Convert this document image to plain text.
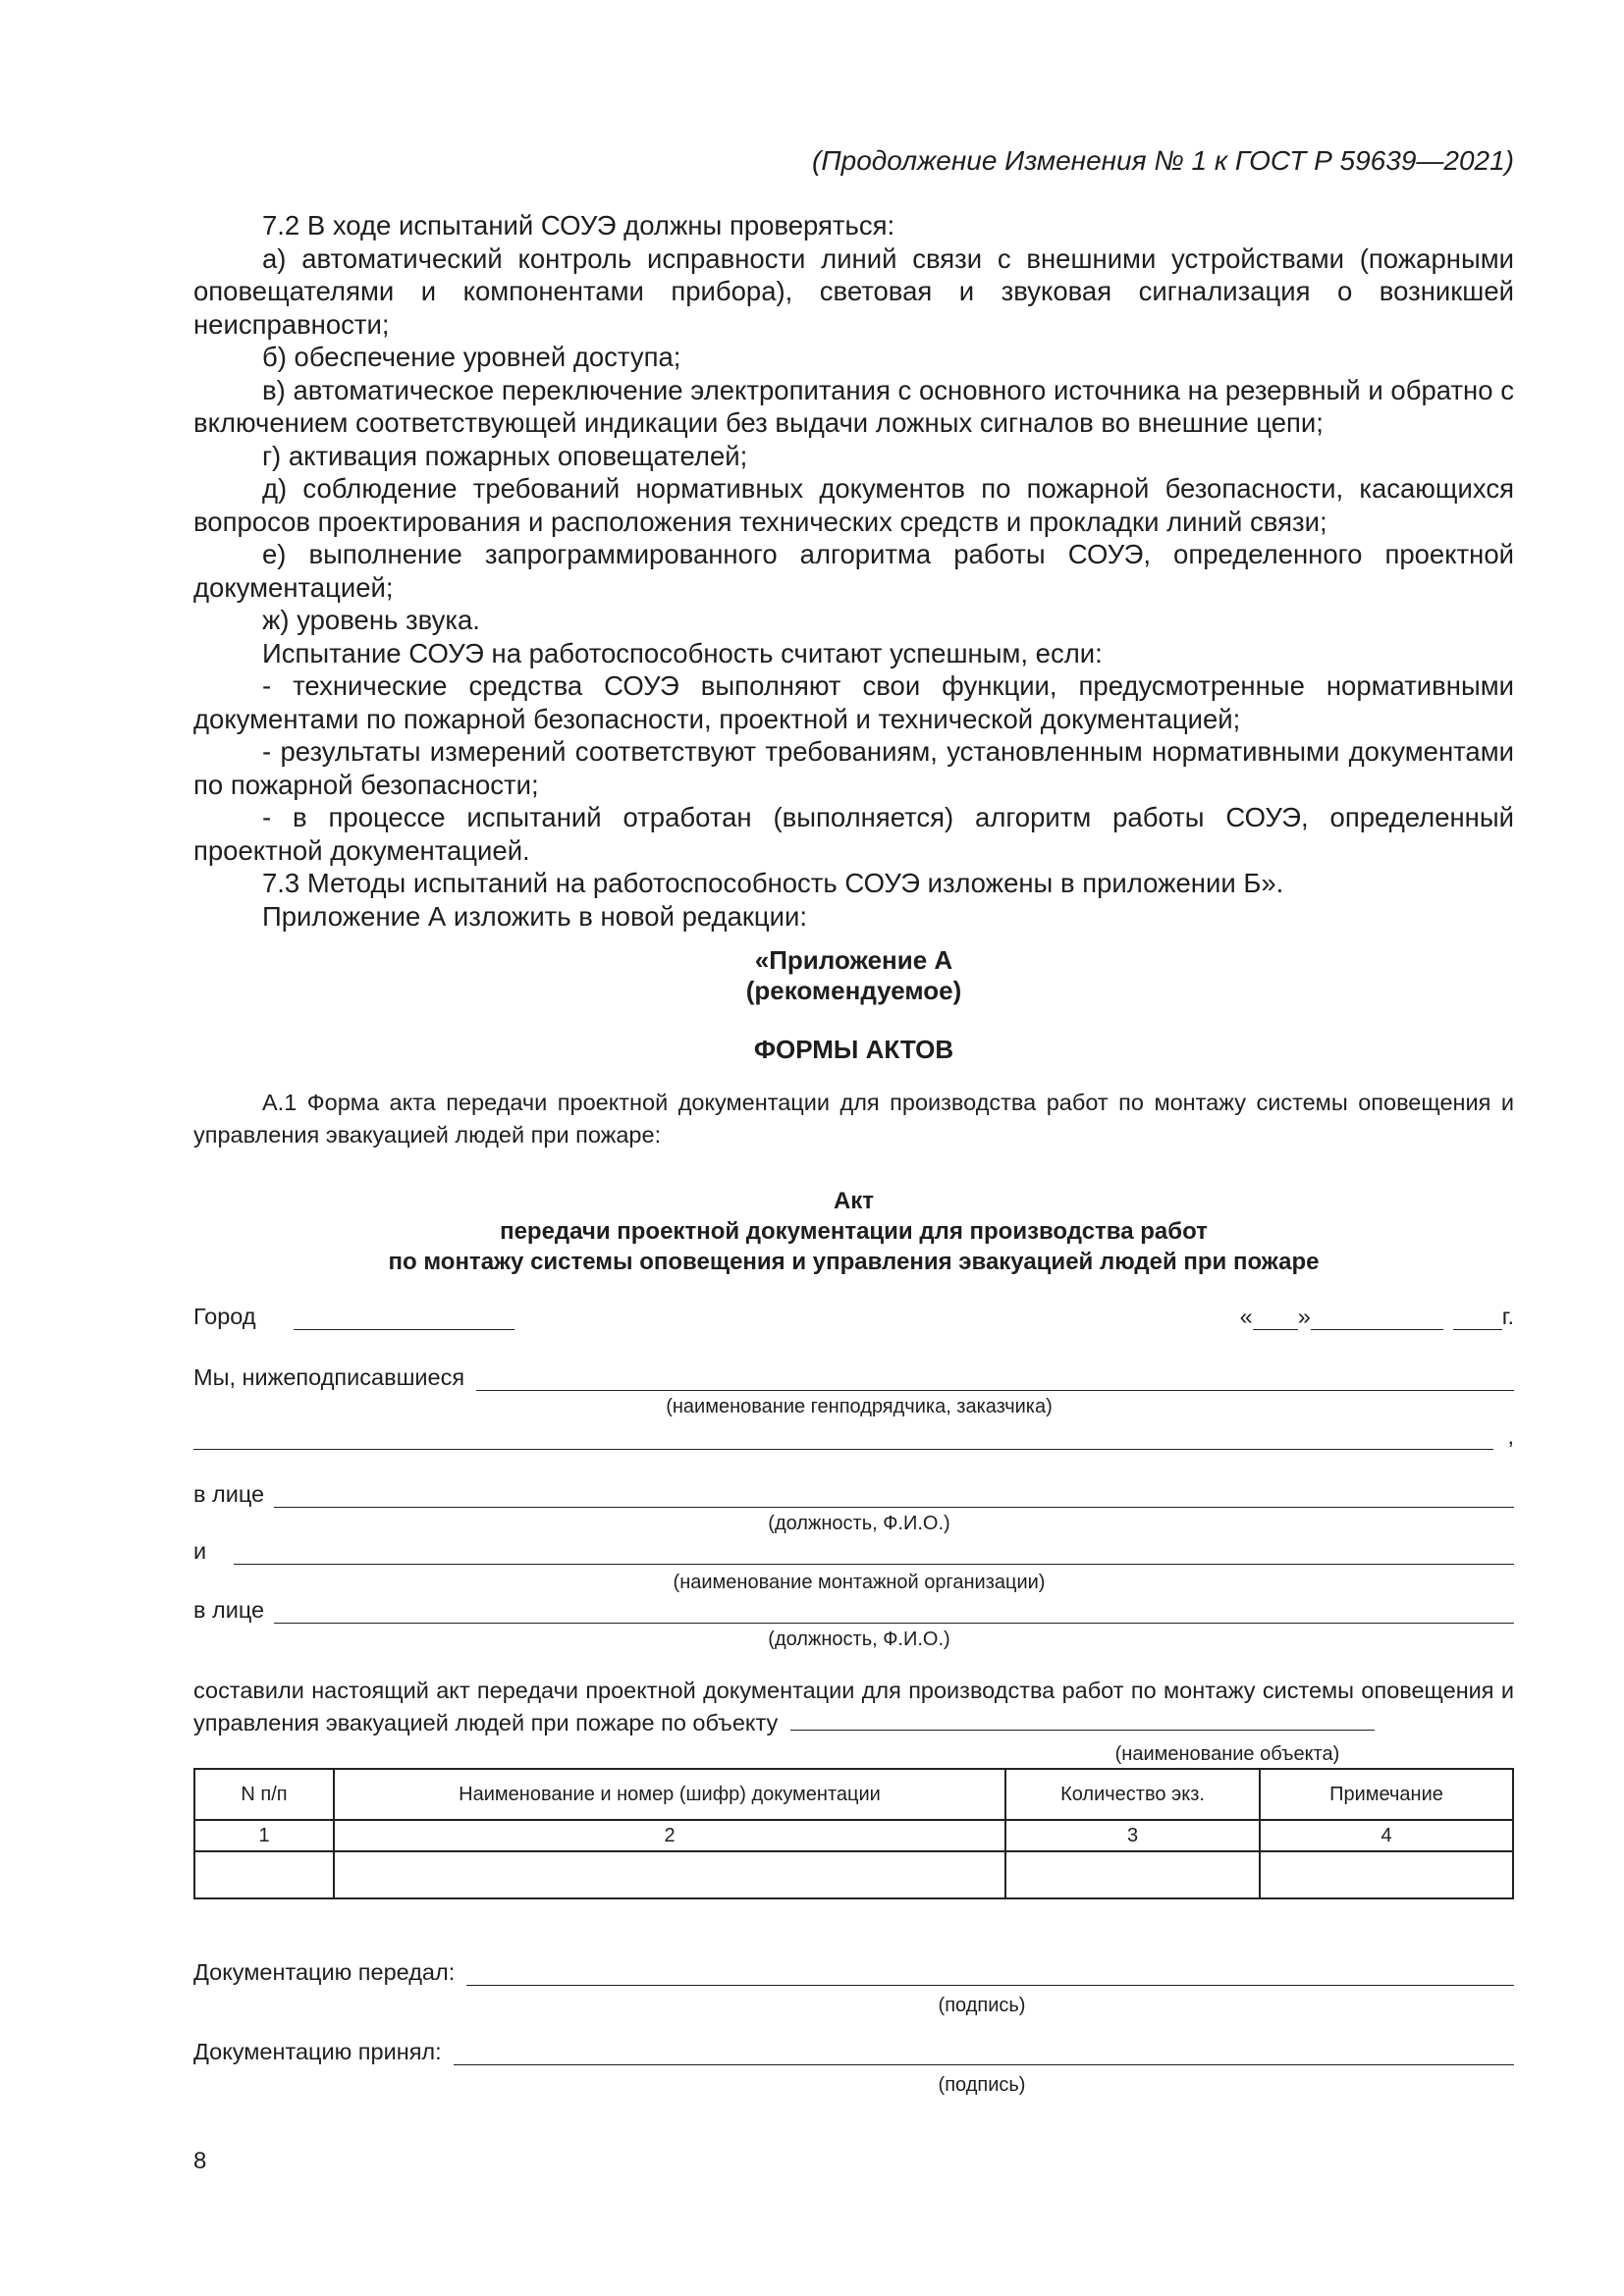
(Продолжение Изменения № 1 к ГОСТ Р 59639—2021)

7.2 В ходе испытаний СОУЭ должны проверяться:

а) автоматический контроль исправности линий связи с внешними устройствами (пожарными оповещателями и компонентами прибора), световая и звуковая сигнализация о возникшей неисправности;

б) обеспечение уровней доступа;

в) автоматическое переключение электропитания с основного источника на резервный и обратно с включением соответствующей индикации без выдачи ложных сигналов во внешние цепи;

г) активация пожарных оповещателей;

д) соблюдение требований нормативных документов по пожарной безопасности, касающихся вопросов проектирования и расположения технических средств и прокладки линий связи;

е) выполнение запрограммированного алгоритма работы СОУЭ, определенного проектной документацией;

ж) уровень звука.

Испытание СОУЭ на работоспособность считают успешным, если:

- технические средства СОУЭ выполняют свои функции, предусмотренные нормативными документами по пожарной безопасности, проектной и технической документацией;

- результаты измерений соответствуют требованиям, установленным нормативными документами по пожарной безопасности;

- в процессе испытаний отработан (выполняется) алгоритм работы СОУЭ, определенный проектной документацией.

7.3 Методы испытаний на работоспособность СОУЭ изложены в приложении Б».

Приложение А изложить в новой редакции:

«Приложение А
(рекомендуемое)
ФОРМЫ АКТОВ
А.1 Форма акта передачи проектной документации для производства работ по монтажу системы оповещения и управления эвакуацией людей при пожаре:
Акт
передачи проектной документации для производства работ
по монтажу системы оповещения и управления эвакуацией людей при пожаре
Город	« »	г.
Мы, нижеподписавшиеся
(наименование генподрядчика, заказчика)
,
в лице
(должность, Ф.И.О.)
и
(наименование монтажной организации)
в лице
(должность, Ф.И.О.)
составили настоящий акт передачи проектной документации для производства работ по монтажу системы оповещения и управления эвакуацией людей при пожаре по объекту
(наименование объекта)
N п/п	Наименование и номер (шифр) документации	Количество экз.	Примечание
1	2	3	4

Документацию передал:
(подпись)
Документацию принял:
(подпись)
8
